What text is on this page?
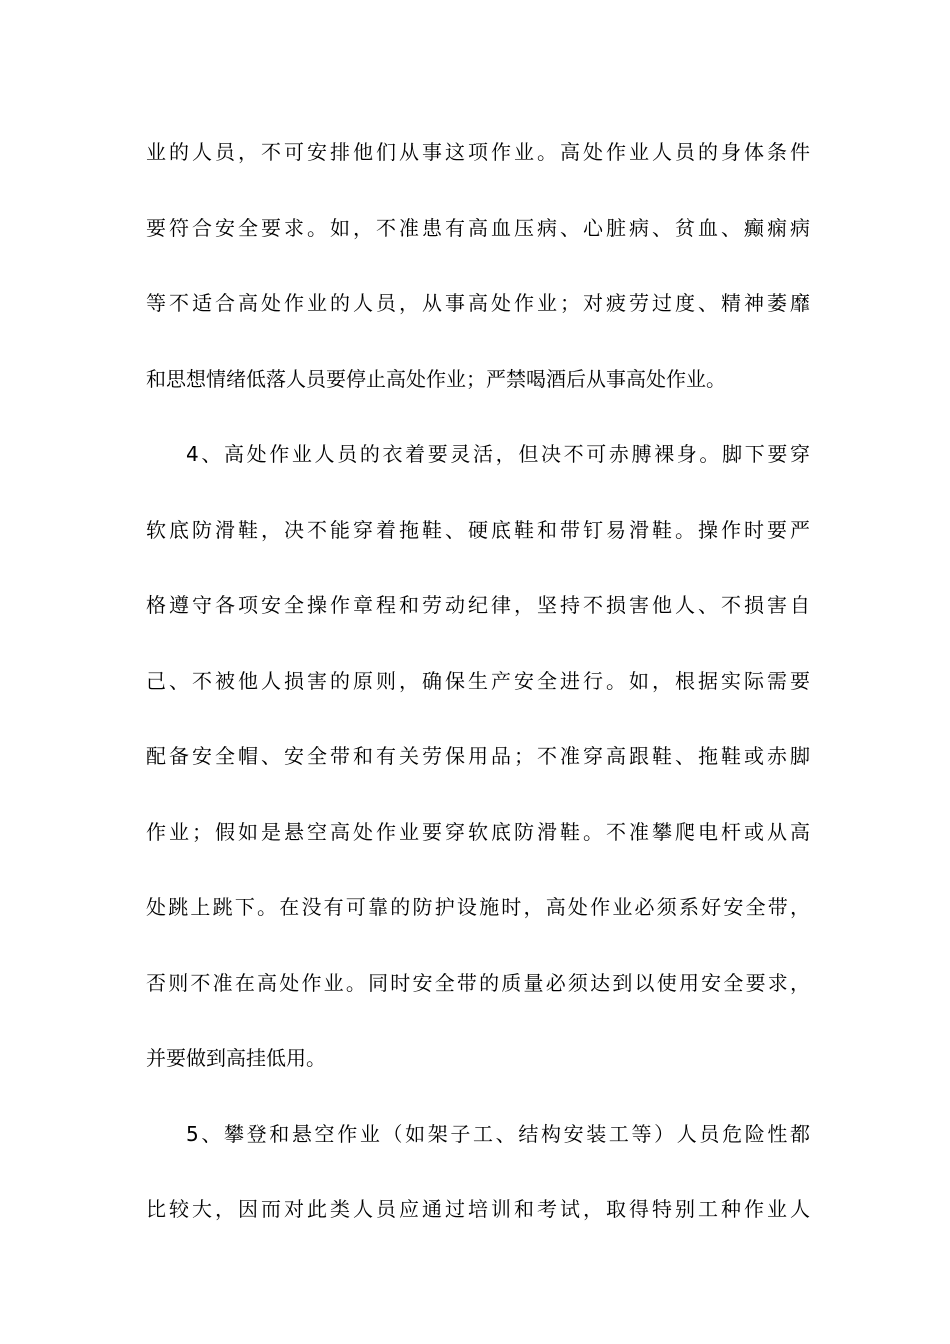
业的人员，不可安排他们从事这项作业。高处作业人员的身体条件
要符合安全要求。如，不准患有高血压病、心脏病、贫血、癫痫病
等不适合高处作业的人员，从事高处作业；对疲劳过度、精神萎靡
和思想情绪低落人员要停止高处作业；严禁喝酒后从事高处作业。
4、高处作业人员的衣着要灵活，但决不可赤膊裸身。脚下要穿
软底防滑鞋，决不能穿着拖鞋、硬底鞋和带钉易滑鞋。操作时要严
格遵守各项安全操作章程和劳动纪律，坚持不损害他人、不损害自
己、不被他人损害的原则，确保生产安全进行。如，根据实际需要
配备安全帽、安全带和有关劳保用品；不准穿高跟鞋、拖鞋或赤脚
作业；假如是悬空高处作业要穿软底防滑鞋。不准攀爬电杆或从高
处跳上跳下。在没有可靠的防护设施时，高处作业必须系好安全带，
否则不准在高处作业。同时安全带的质量必须达到以使用安全要求，
并要做到高挂低用。
5、攀登和悬空作业（如架子工、结构安装工等）人员危险性都
比较大，因而对此类人员应通过培训和考试，取得特别工种作业人
